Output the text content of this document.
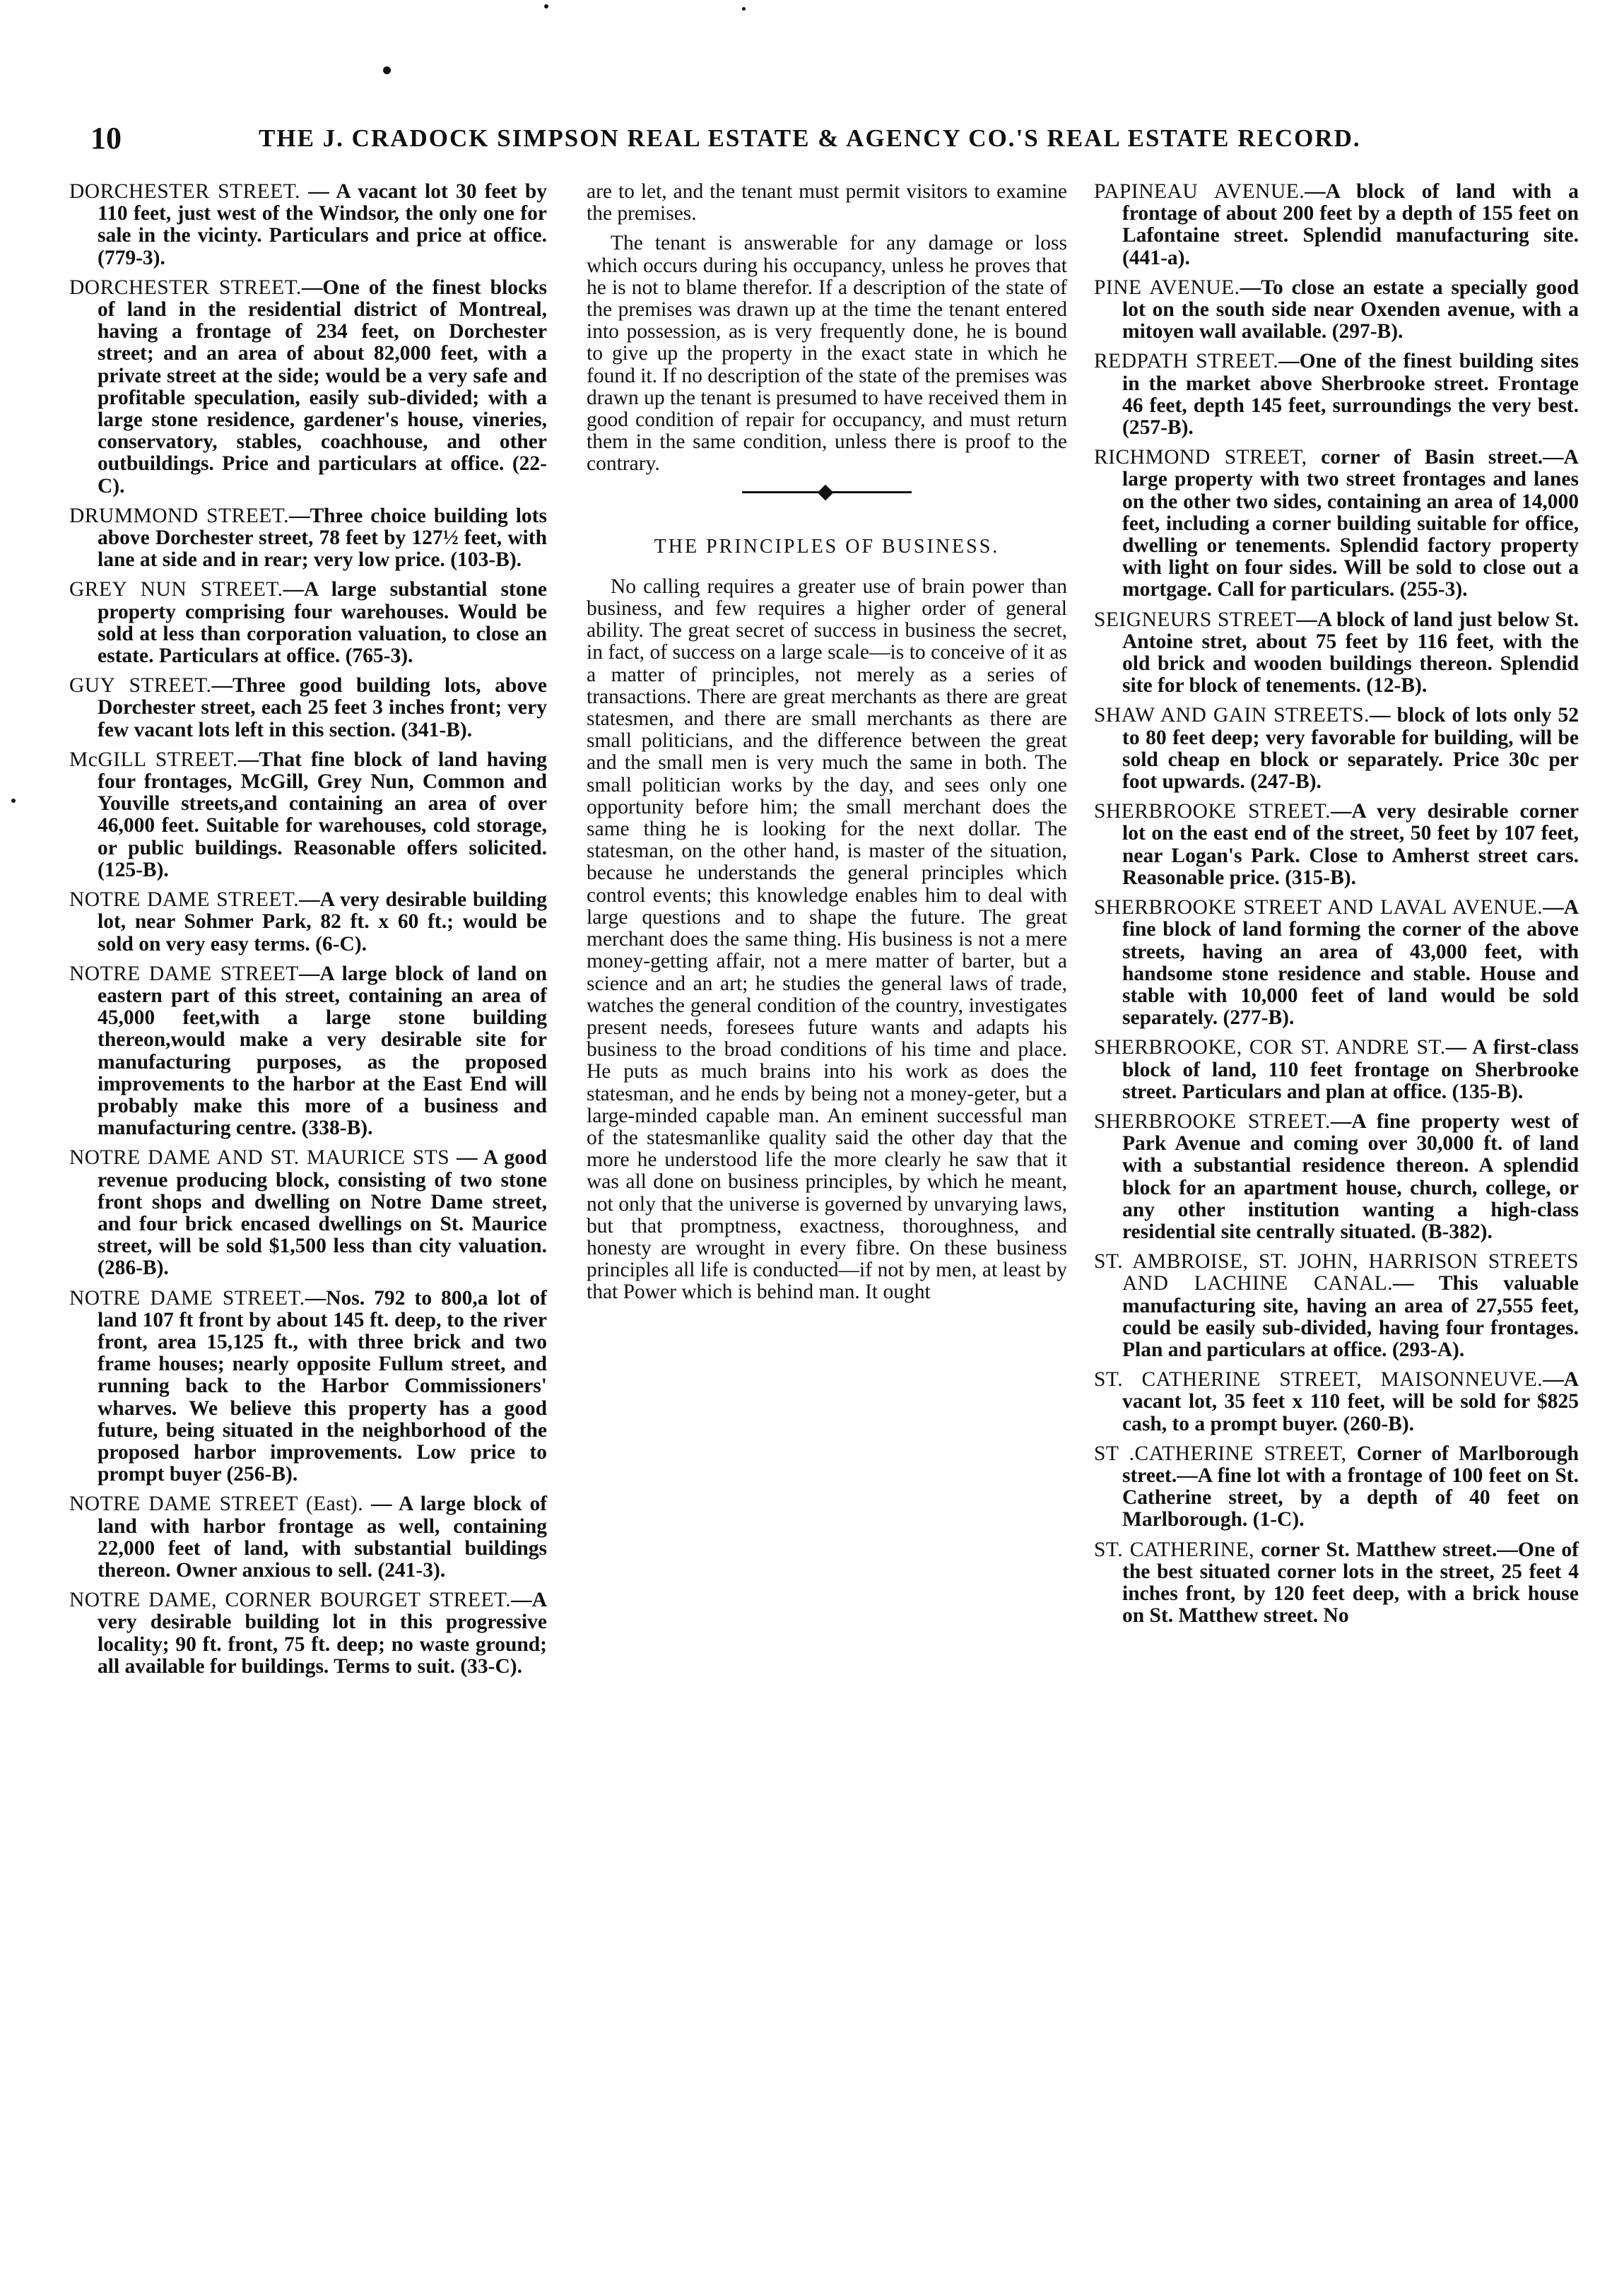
10	THE J. CRADOCK SIMPSON REAL ESTATE & AGENCY CO.'S REAL ESTATE RECORD.

DORCHESTER STREET. — A vacant lot 30 feet by 110 feet, just west of the Windsor, the only one for sale in the vicinty. Particulars and price at office. (779-3).

DORCHESTER STREET.—One of the finest blocks of land in the residential district of Montreal, having a frontage of 234 feet, on Dorchester street; and an area of about 82,000 feet, with a private street at the side; would be a very safe and profitable speculation, easily sub-divided; with a large stone residence, gardener's house, vineries, conservatory, stables, coachhouse, and other outbuildings. Price and particulars at office. (22-C).

DRUMMOND STREET.—Three choice building lots above Dorchester street, 78 feet by 127½ feet, with lane at side and in rear; very low price. (103-B).

GREY NUN STREET.—A large substantial stone property comprising four warehouses. Would be sold at less than corporation valuation, to close an estate. Particulars at office. (765-3).

GUY STREET.—Three good building lots, above Dorchester street, each 25 feet 3 inches front; very few vacant lots left in this section. (341-B).

McGILL STREET.—That fine block of land having four frontages, McGill, Grey Nun, Common and Youville streets,and containing an area of over 46,000 feet. Suitable for warehouses, cold storage, or public buildings. Reasonable offers solicited. (125-B).

NOTRE DAME STREET.—A very desirable building lot, near Sohmer Park, 82 ft. x 60 ft.; would be sold on very easy terms. (6-C).

NOTRE DAME STREET—A large block of land on eastern part of this street, containing an area of 45,000 feet,with a large stone building thereon,would make a very desirable site for manufacturing purposes, as the proposed improvements to the harbor at the East End will probably make this more of a business and manufacturing centre. (338-B).

NOTRE DAME AND ST. MAURICE STS — A good revenue producing block, consisting of two stone front shops and dwelling on Notre Dame street, and four brick encased dwellings on St. Maurice street, will be sold $1,500 less than city valuation. (286-B).

NOTRE DAME STREET.—Nos. 792 to 800,a lot of land 107 ft front by about 145 ft. deep, to the river front, area 15,125 ft., with three brick and two frame houses; nearly opposite Fullum street, and running back to the Harbor Commissioners' wharves. We believe this property has a good future, being situated in the neighborhood of the proposed harbor improvements. Low price to prompt buyer (256-B).

NOTRE DAME STREET (East). — A large block of land with harbor frontage as well, containing 22,000 feet of land, with substantial buildings thereon. Owner anxious to sell. (241-3).

NOTRE DAME, CORNER BOURGET STREET.—A very desirable building lot in this progressive locality; 90 ft. front, 75 ft. deep; no waste ground; all available for buildings. Terms to suit. (33-C).

are to let, and the tenant must permit visitors to examine the premises.

The tenant is answerable for any damage or loss which occurs during his occupancy, unless he proves that he is not to blame therefor. If a description of the state of the premises was drawn up at the time the tenant entered into possession, as is very frequently done, he is bound to give up the property in the exact state in which he found it. If no description of the state of the premises was drawn up the tenant is presumed to have received them in good condition of repair for occupancy, and must return them in the same condition, unless there is proof to the contrary.

THE PRINCIPLES OF BUSINESS.

No calling requires a greater use of brain power than business, and few requires a higher order of general ability. The great secret of success in business the secret, in fact, of success on a large scale—is to conceive of it as a matter of principles, not merely as a series of transactions. There are great merchants as there are great statesmen, and there are small merchants as there are small politicians, and the difference between the great and the small men is very much the same in both. The small politician works by the day, and sees only one opportunity before him; the small merchant does the same thing he is looking for the next dollar. The statesman, on the other hand, is master of the situation, because he understands the general principles which control events; this knowledge enables him to deal with large questions and to shape the future. The great merchant does the same thing. His business is not a mere money-getting affair, not a mere matter of barter, but a science and an art; he studies the general laws of trade, watches the general condition of the country, investigates present needs, foresees future wants and adapts his business to the broad conditions of his time and place. He puts as much brains into his work as does the statesman, and he ends by being not a money-geter, but a large-minded capable man. An eminent successful man of the statesmanlike quality said the other day that the more he understood life the more clearly he saw that it was all done on business principles, by which he meant, not only that the universe is governed by unvarying laws, but that promptness, exactness, thoroughness, and honesty are wrought in every fibre. On these business principles all life is conducted—if not by men, at least by that Power which is behind man. It ought

PAPINEAU AVENUE.—A block of land with a frontage of about 200 feet by a depth of 155 feet on Lafontaine street. Splendid manufacturing site. (441-a).

PINE AVENUE.—To close an estate a specially good lot on the south side near Oxenden avenue, with a mitoyen wall available. (297-B).

REDPATH STREET.—One of the finest building sites in the market above Sherbrooke street. Frontage 46 feet, depth 145 feet, surroundings the very best. (257-B).

RICHMOND STREET, corner of Basin street.—A large property with two street frontages and lanes on the other two sides, containing an area of 14,000 feet, including a corner building suitable for office, dwelling or tenements. Splendid factory property with light on four sides. Will be sold to close out a mortgage. Call for particulars. (255-3).

SEIGNEURS STREET—A block of land just below St. Antoine stret, about 75 feet by 116 feet, with the old brick and wooden buildings thereon. Splendid site for block of tenements. (12-B).

SHAW AND GAIN STREETS.— block of lots only 52 to 80 feet deep; very favorable for building, will be sold cheap en block or separately. Price 30c per foot upwards. (247-B).

SHERBROOKE STREET.—A very desirable corner lot on the east end of the street, 50 feet by 107 feet, near Logan's Park. Close to Amherst street cars. Reasonable price. (315-B).

SHERBROOKE STREET AND LAVAL AVENUE.—A fine block of land forming the corner of the above streets, having an area of 43,000 feet, with handsome stone residence and stable. House and stable with 10,000 feet of land would be sold separately. (277-B).

SHERBROOKE, COR ST. ANDRE ST.— A first-class block of land, 110 feet frontage on Sherbrooke street. Particulars and plan at office. (135-B).

SHERBROOKE STREET.—A fine property west of Park Avenue and coming over 30,000 ft. of land with a substantial residence thereon. A splendid block for an apartment house, church, college, or any other institution wanting a high-class residential site centrally situated. (B-382).

ST. AMBROISE, ST. JOHN, HARRISON STREETS AND LACHINE CANAL.— This valuable manufacturing site, having an area of 27,555 feet, could be easily sub-divided, having four frontages. Plan and particulars at office. (293-A).

ST. CATHERINE STREET, MAISONNEUVE.—A vacant lot, 35 feet x 110 feet, will be sold for $825 cash, to a prompt buyer. (260-B).

ST .CATHERINE STREET, Corner of Marlborough street.—A fine lot with a frontage of 100 feet on St. Catherine street, by a depth of 40 feet on Marlborough. (1-C).

ST. CATHERINE, corner St. Matthew street.—One of the best situated corner lots in the street, 25 feet 4 inches front, by 120 feet deep, with a brick house on St. Matthew street. No
